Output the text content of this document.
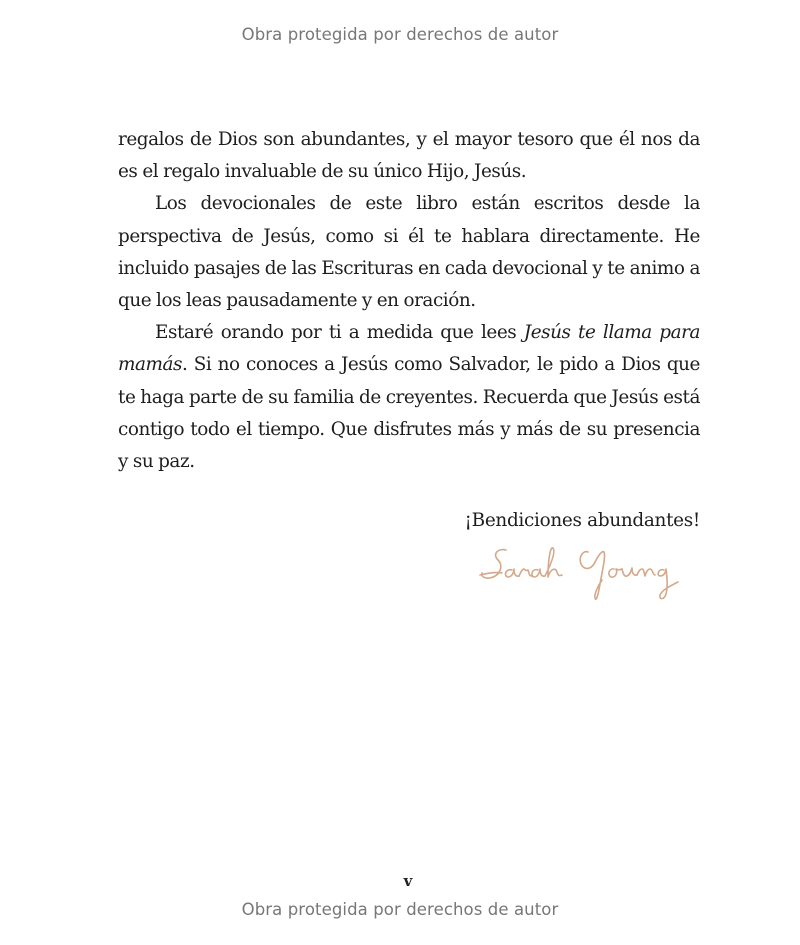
Obra protegida por derechos de autor

regalos de Dios son abundantes, y el mayor tesoro que él nos da es el regalo invaluable de su único Hijo, Jesús.

Los devocionales de este libro están escritos desde la perspectiva de Jesús, como si él te hablara directamente. He incluido pasajes de las Escrituras en cada devocional y te animo a que los leas pausadamente y en oración.

Estaré orando por ti a medida que lees Jesús te llama para mamás. Si no conoces a Jesús como Salvador, le pido a Dios que te haga parte de su familia de creyentes. Recuerda que Jesús está contigo todo el tiempo. Que disfrutes más y más de su presencia y su paz.

¡Bendiciones abundantes!
v
Obra protegida por derechos de autor
